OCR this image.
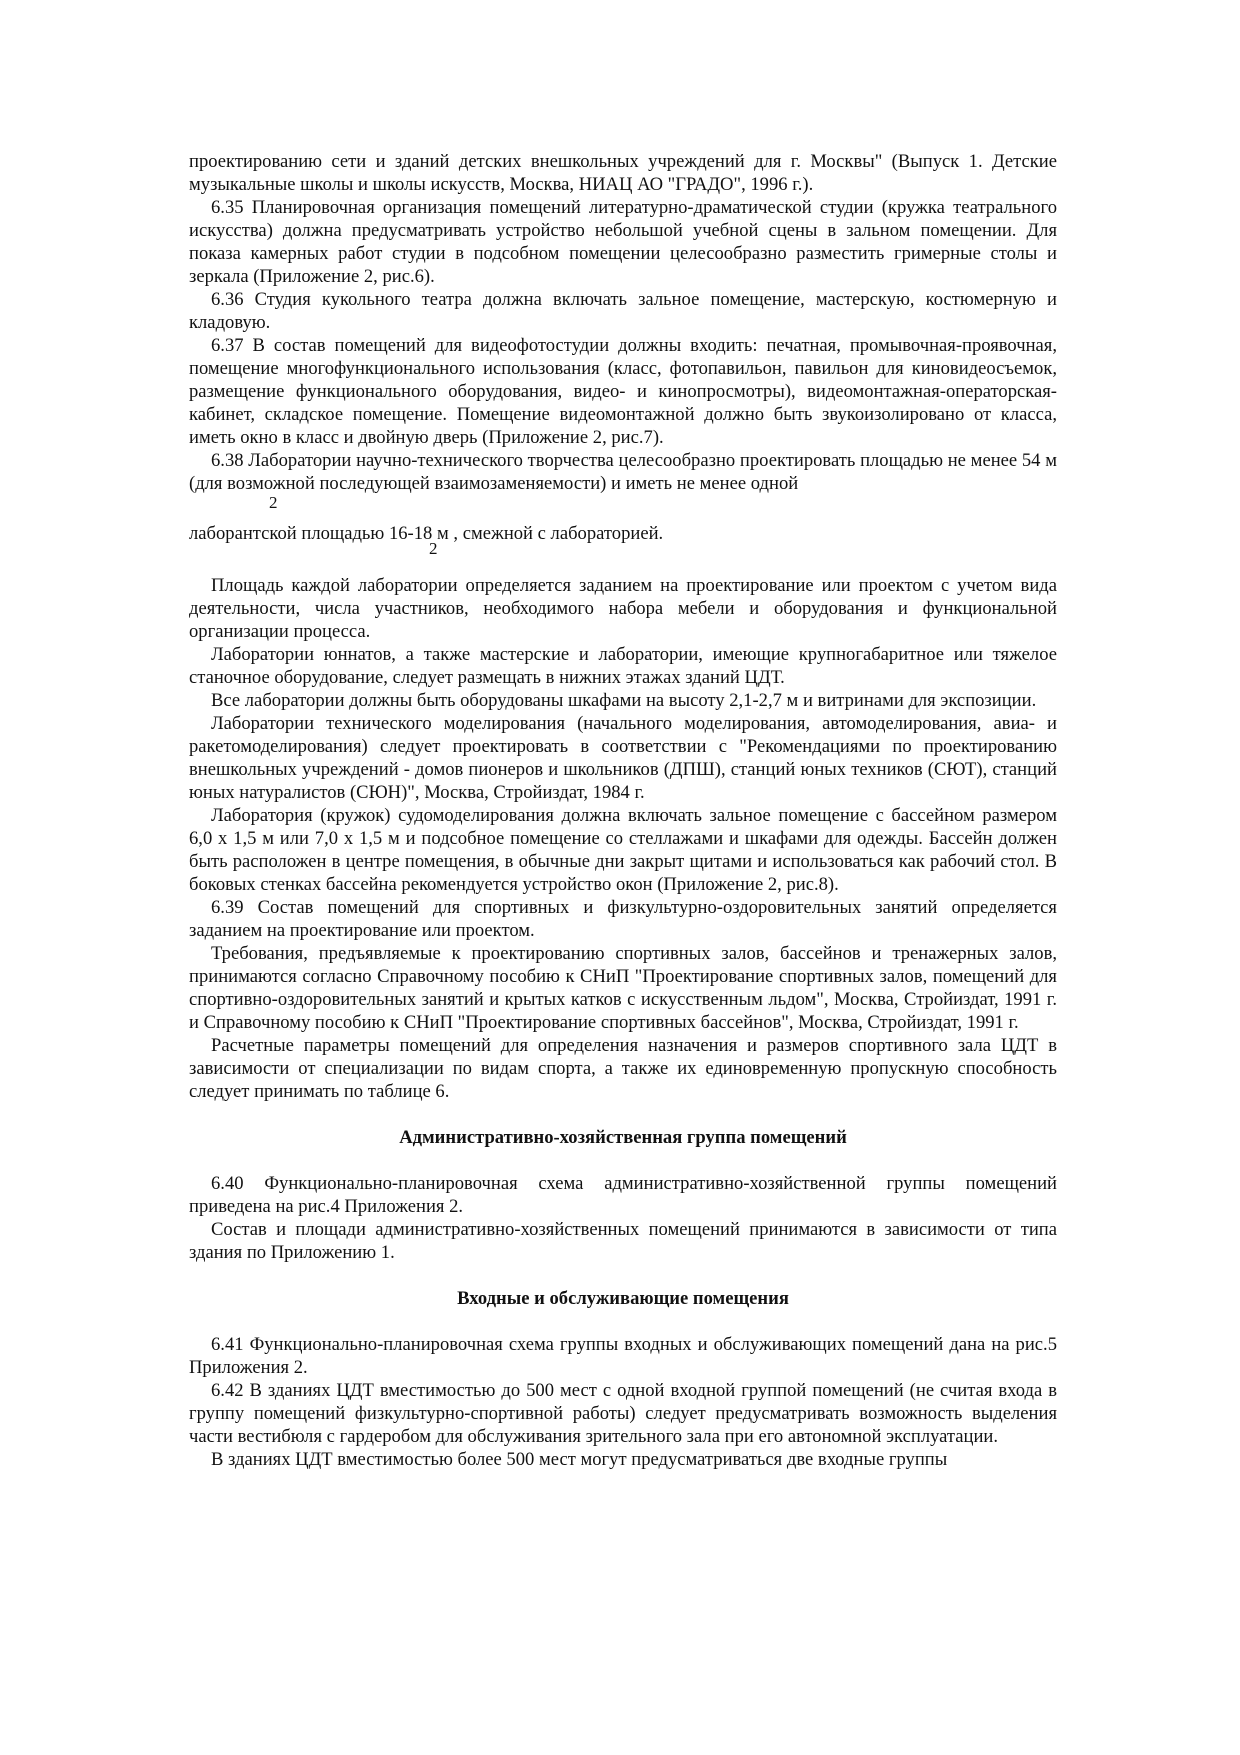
проектированию сети и зданий детских внешкольных учреждений для г. Москвы" (Выпуск 1. Детские музыкальные школы и школы искусств, Москва, НИАЦ АО "ГРАДО", 1996 г.).

6.35 Планировочная организация помещений литературно-драматической студии (кружка театрального искусства) должна предусматривать устройство небольшой учебной сцены в зальном помещении. Для показа камерных работ студии в подсобном помещении целесообразно разместить гримерные столы и зеркала (Приложение 2, рис.6).

6.36 Студия кукольного театра должна включать зальное помещение, мастерскую, костюмерную и кладовую.

6.37 В состав помещений для видеофотостудии должны входить: печатная, промывочная-проявочная, помещение многофункционального использования (класс, фотопавильон, павильон для киновидеосъемок, размещение функционального оборудования, видео- и кинопросмотры), видеомонтажная-операторская-кабинет, складское помещение. Помещение видеомонтажной должно быть звукоизолировано от класса, иметь окно в класс и двойную дверь (Приложение 2, рис.7).

6.38 Лаборатории научно-технического творчества целесообразно проектировать площадью не менее 54 м (для возможной последующей взаимозаменяемости) и иметь не менее одной

2

лаборантской площадью 16-18 м , смежной с лабораторией.

2

Площадь каждой лаборатории определяется заданием на проектирование или проектом с учетом вида деятельности, числа участников, необходимого набора мебели и оборудования и функциональной организации процесса.

Лаборатории юннатов, а также мастерские и лаборатории, имеющие крупногабаритное или тяжелое станочное оборудование, следует размещать в нижних этажах зданий ЦДТ.

Все лаборатории должны быть оборудованы шкафами на высоту 2,1-2,7 м и витринами для экспозиции.

Лаборатории технического моделирования (начального моделирования, автомоделирования, авиа- и ракетомоделирования) следует проектировать в соответствии с "Рекомендациями по проектированию внешкольных учреждений - домов пионеров и школьников (ДПШ), станций юных техников (СЮТ), станций юных натуралистов (СЮН)", Москва, Стройиздат, 1984 г.

Лаборатория (кружок) судомоделирования должна включать зальное помещение с бассейном размером 6,0 х 1,5 м или 7,0 х 1,5 м и подсобное помещение со стеллажами и шкафами для одежды. Бассейн должен быть расположен в центре помещения, в обычные дни закрыт щитами и использоваться как рабочий стол. В боковых стенках бассейна рекомендуется устройство окон (Приложение 2, рис.8).

6.39 Состав помещений для спортивных и физкультурно-оздоровительных занятий определяется заданием на проектирование или проектом.

Требования, предъявляемые к проектированию спортивных залов, бассейнов и тренажерных залов, принимаются согласно Справочному пособию к СНиП "Проектирование спортивных залов, помещений для спортивно-оздоровительных занятий и крытых катков с искусственным льдом", Москва, Стройиздат, 1991 г. и Справочному пособию к СНиП "Проектирование спортивных бассейнов", Москва, Стройиздат, 1991 г.

Расчетные параметры помещений для определения назначения и размеров спортивного зала ЦДТ в зависимости от специализации по видам спорта, а также их единовременную пропускную способность следует принимать по таблице 6.

Административно-хозяйственная группа помещений

6.40 Функционально-планировочная схема административно-хозяйственной группы помещений приведена на рис.4 Приложения 2.

Состав и площади административно-хозяйственных помещений принимаются в зависимости от типа здания по Приложению 1.

Входные и обслуживающие помещения

6.41 Функционально-планировочная схема группы входных и обслуживающих помещений дана на рис.5 Приложения 2.

6.42 В зданиях ЦДТ вместимостью до 500 мест с одной входной группой помещений (не считая входа в группу помещений физкультурно-спортивной работы) следует предусматривать возможность выделения части вестибюля с гардеробом для обслуживания зрительного зала при его автономной эксплуатации.

В зданиях ЦДТ вместимостью более 500 мест могут предусматриваться две входные группы
